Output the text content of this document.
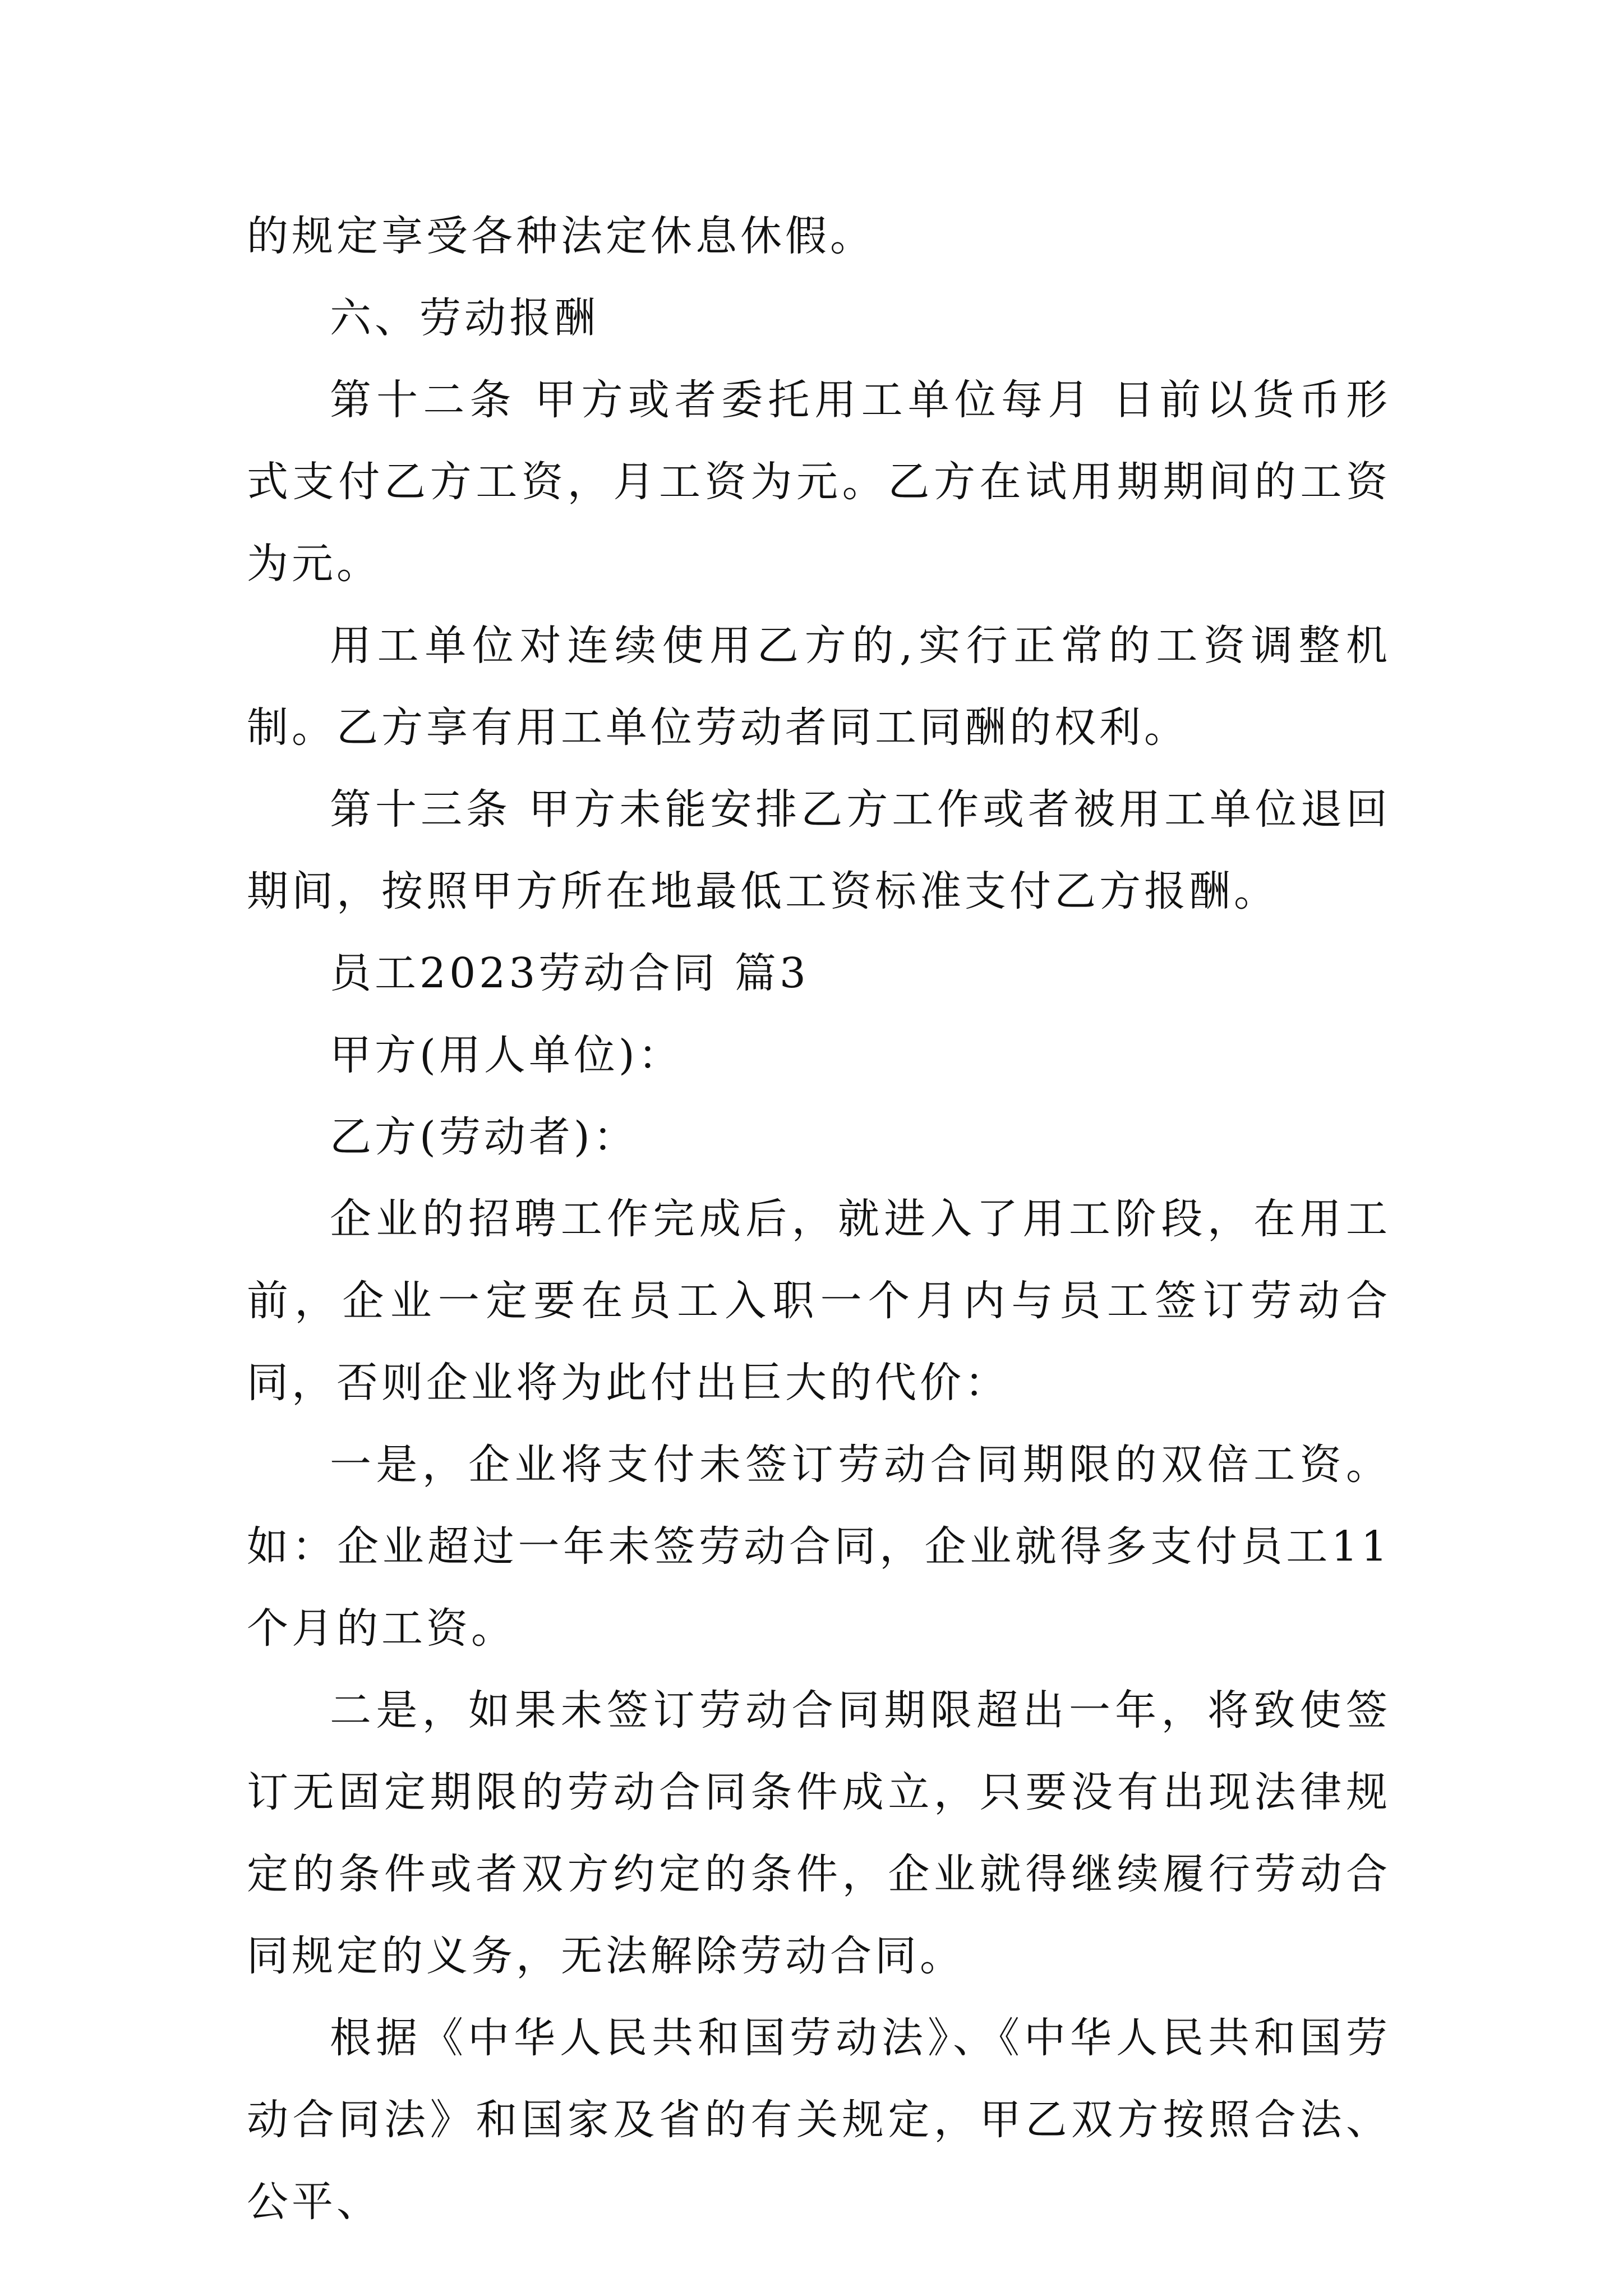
的规定享受各种法定休息休假。

六、劳动报酬

第十二条 甲方或者委托用工单位每月 日前以货币形式支付乙方工资，月工资为元。乙方在试用期期间的工资为元。

用工单位对连续使用乙方的,实行正常的工资调整机制。乙方享有用工单位劳动者同工同酬的权利。

第十三条 甲方未能安排乙方工作或者被用工单位退回期间，按照甲方所在地最低工资标准支付乙方报酬。

员工2023劳动合同 篇3

甲方(用人单位)：

乙方(劳动者)：

企业的招聘工作完成后，就进入了用工阶段，在用工前，企业一定要在员工入职一个月内与员工签订劳动合同，否则企业将为此付出巨大的代价：

一是，企业将支付未签订劳动合同期限的双倍工资。如：企业超过一年未签劳动合同，企业就得多支付员工11个月的工资。

二是，如果未签订劳动合同期限超出一年，将致使签订无固定期限的劳动合同条件成立，只要没有出现法律规定的条件或者双方约定的条件，企业就得继续履行劳动合同规定的义务，无法解除劳动合同。

根据《中华人民共和国劳动法》、《中华人民共和国劳动合同法》和国家及省的有关规定，甲乙双方按照合法、公平、
